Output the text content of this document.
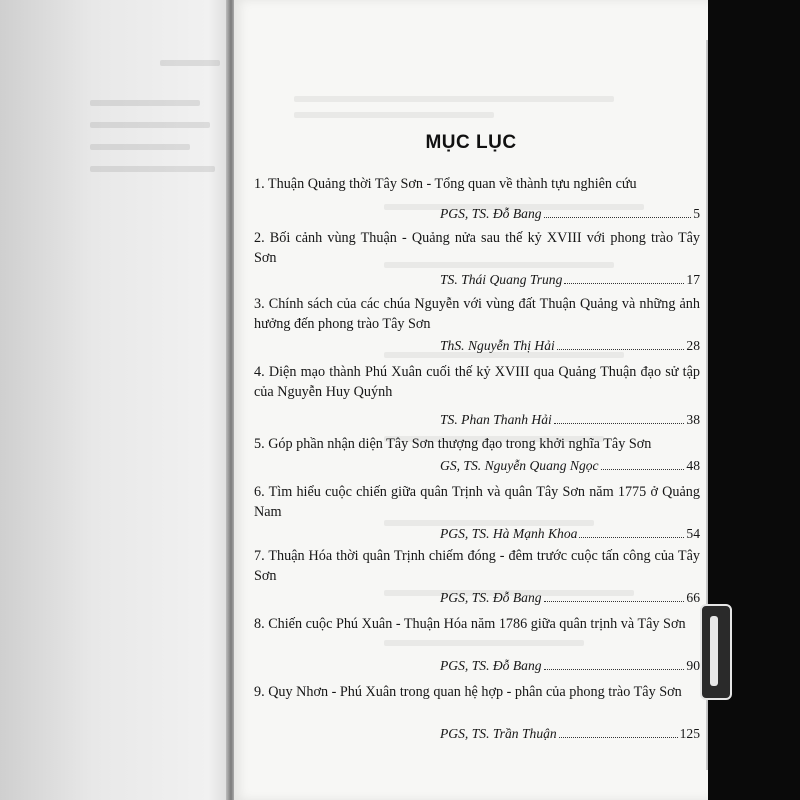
MỤC LỤC
1. Thuận Quảng thời Tây Sơn - Tổng quan về thành tựu nghiên cứu
PGS, TS. Đỗ Bang	5
2. Bối cảnh vùng Thuận - Quảng nửa sau thế kỷ XVIII với phong trào Tây Sơn
TS. Thái Quang Trung	17
3. Chính sách của các chúa Nguyễn với vùng đất Thuận Quảng và những ảnh hưởng đến phong trào Tây Sơn
ThS. Nguyễn Thị Hải	28
4. Diện mạo thành Phú Xuân cuối thế kỷ XVIII qua Quảng Thuận đạo sử tập của Nguyễn Huy Quýnh
TS. Phan Thanh Hải	38
5. Góp phần nhận diện Tây Sơn thượng đạo trong khởi nghĩa Tây Sơn
GS, TS. Nguyễn Quang Ngọc	48
6. Tìm hiểu cuộc chiến giữa quân Trịnh và quân Tây Sơn năm 1775 ở Quảng Nam
PGS, TS. Hà Mạnh Khoa	54
7. Thuận Hóa thời quân Trịnh chiếm đóng - đêm trước cuộc tấn công của Tây Sơn
PGS, TS. Đỗ Bang	66
8. Chiến cuộc Phú Xuân - Thuận Hóa năm 1786 giữa quân trịnh và Tây Sơn
PGS, TS. Đỗ Bang	90
9. Quy Nhơn - Phú Xuân trong quan hệ hợp - phân của phong trào Tây Sơn
PGS, TS. Trần Thuận	125
